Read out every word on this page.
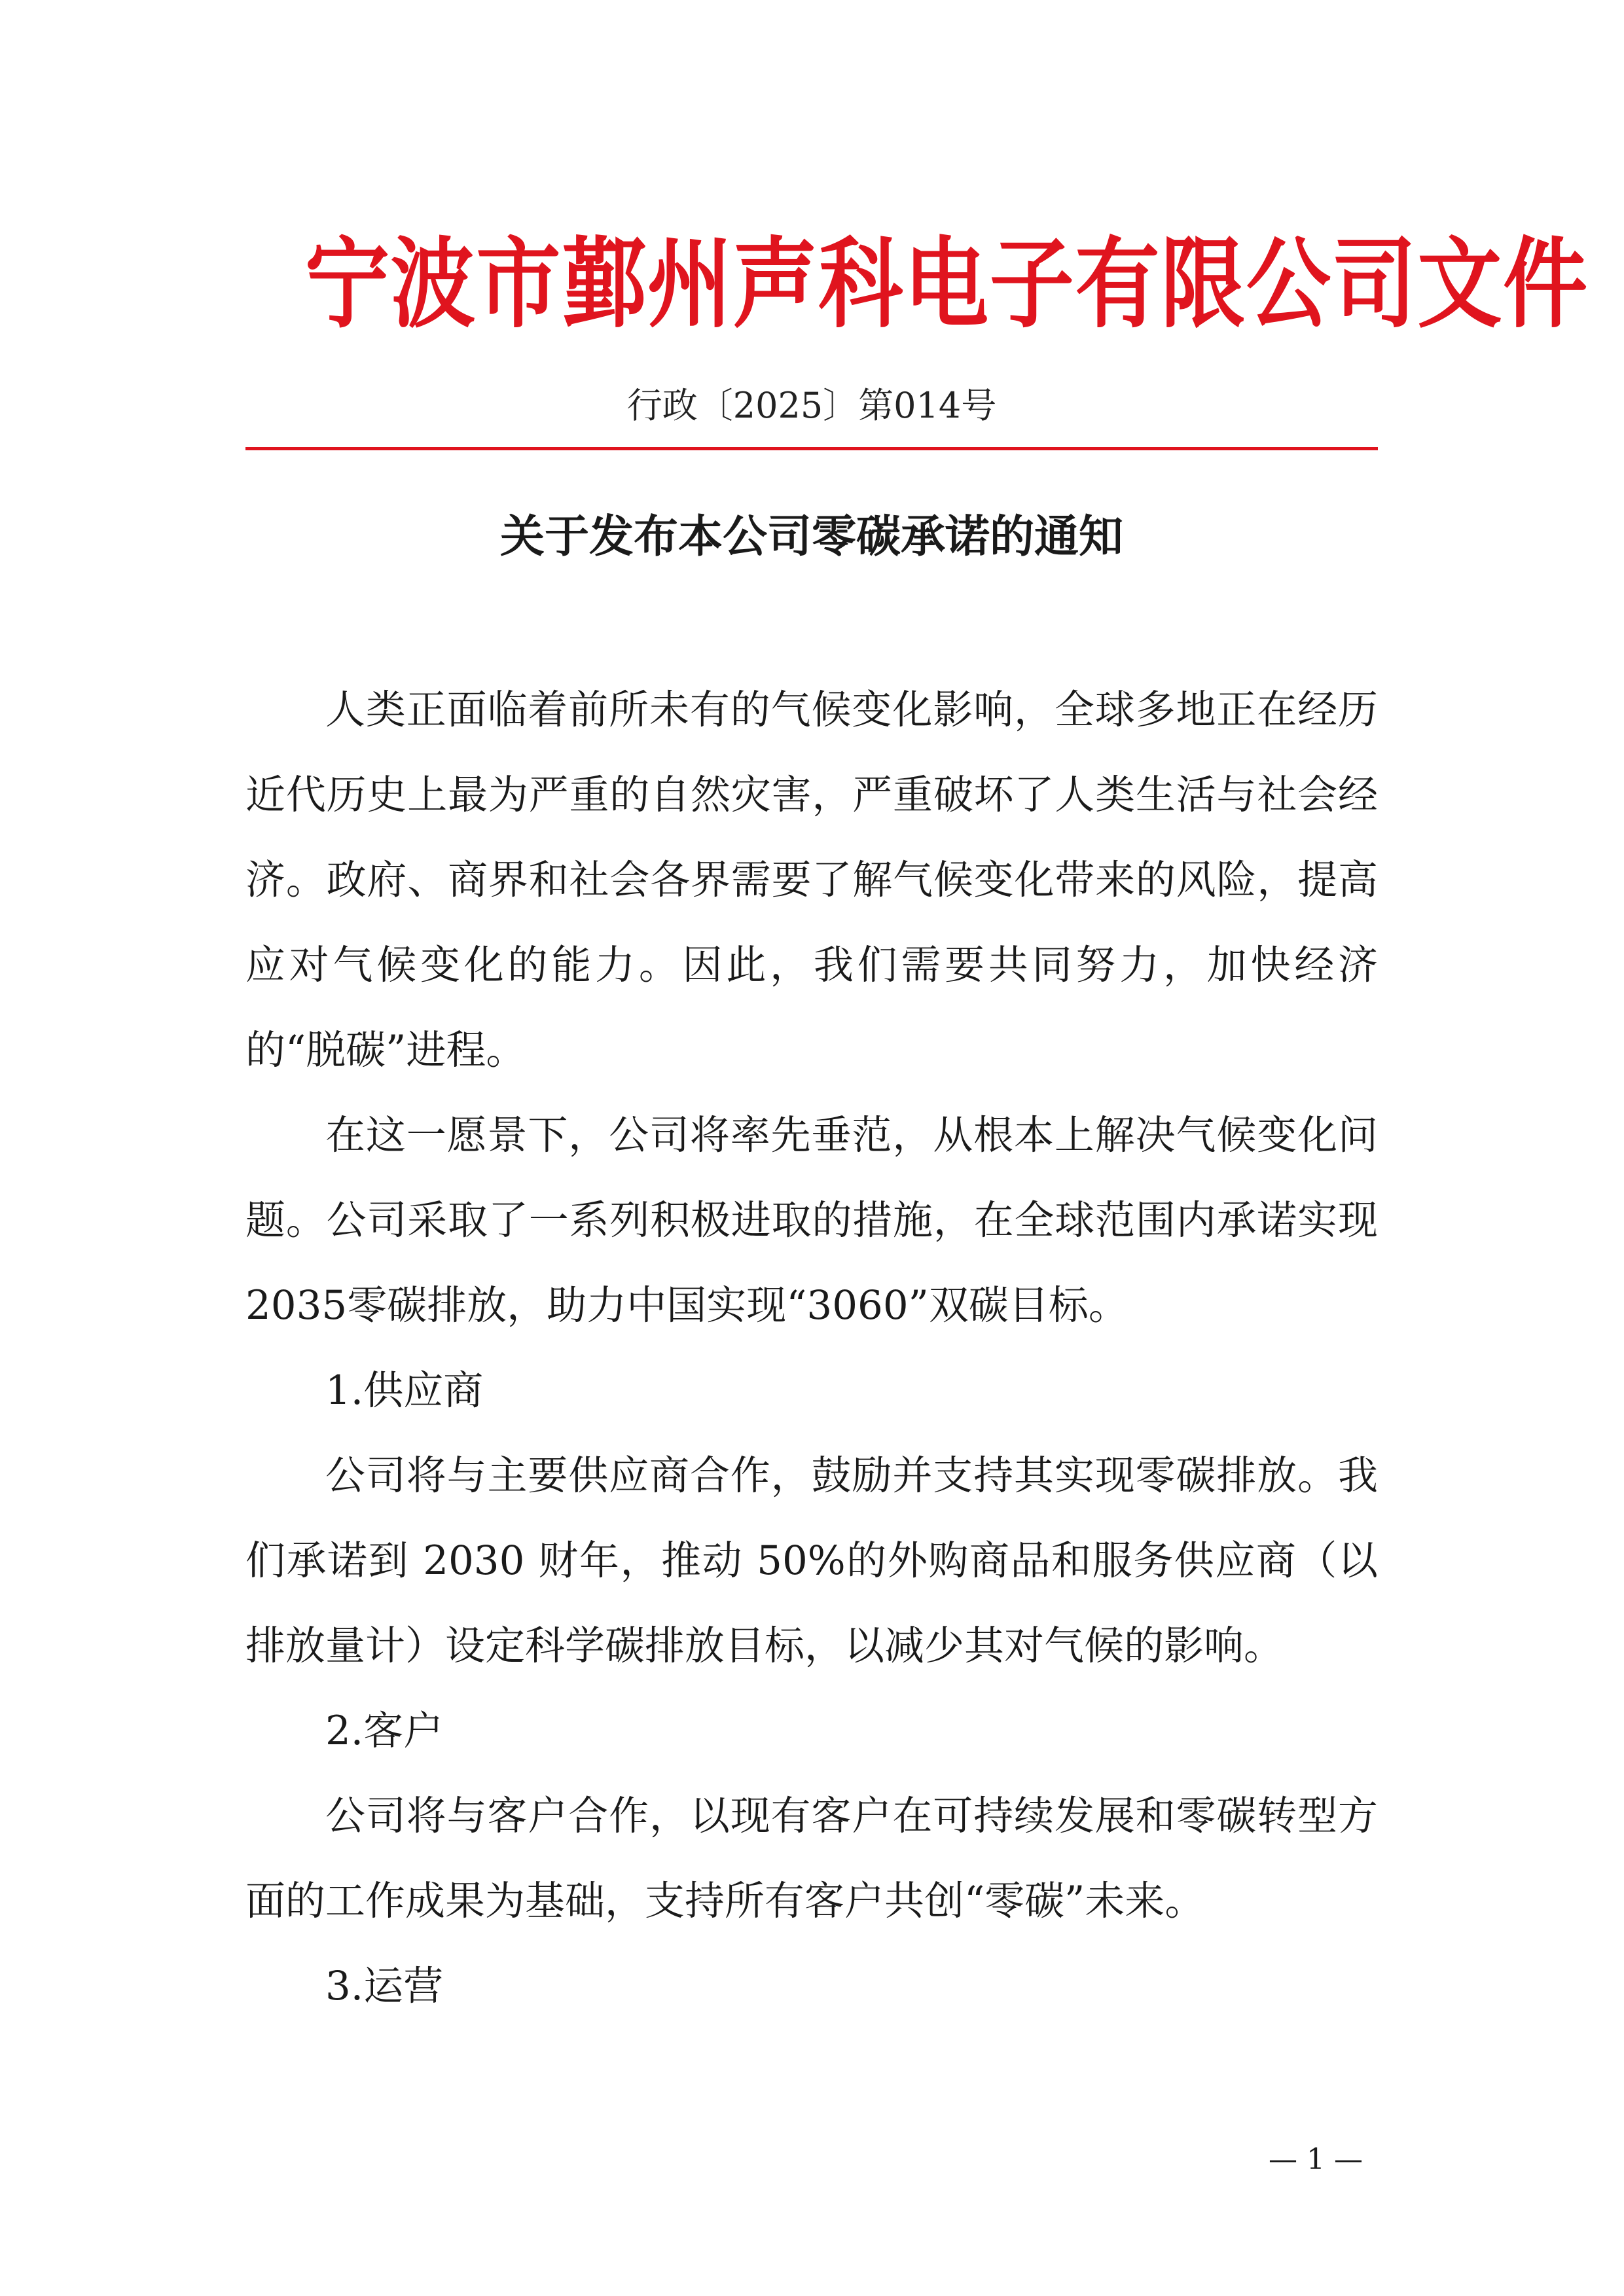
宁波市鄞州声科电子有限公司文件
行政〔2025〕第014号
关于发布本公司零碳承诺的通知

人类正面临着前所未有的气候变化影响，全球多地正在经历近代历史上最为严重的自然灾害，严重破坏了人类生活与社会经济。政府、商界和社会各界需要了解气候变化带来的风险，提高应对气候变化的能力。因此，我们需要共同努力，加快经济的“脱碳”进程。

在这一愿景下，公司将率先垂范，从根本上解决气候变化问题。公司采取了一系列积极进取的措施，在全球范围内承诺实现2035零碳排放，助力中国实现“3060”双碳目标。

1.供应商

公司将与主要供应商合作，鼓励并支持其实现零碳排放。我们承诺到 2030 财年，推动 50%的外购商品和服务供应商（以排放量计）设定科学碳排放目标，以减少其对气候的影响。

2.客户

公司将与客户合作，以现有客户在可持续发展和零碳转型方面的工作成果为基础，支持所有客户共创“零碳”未来。

3.运营

— 1 —
